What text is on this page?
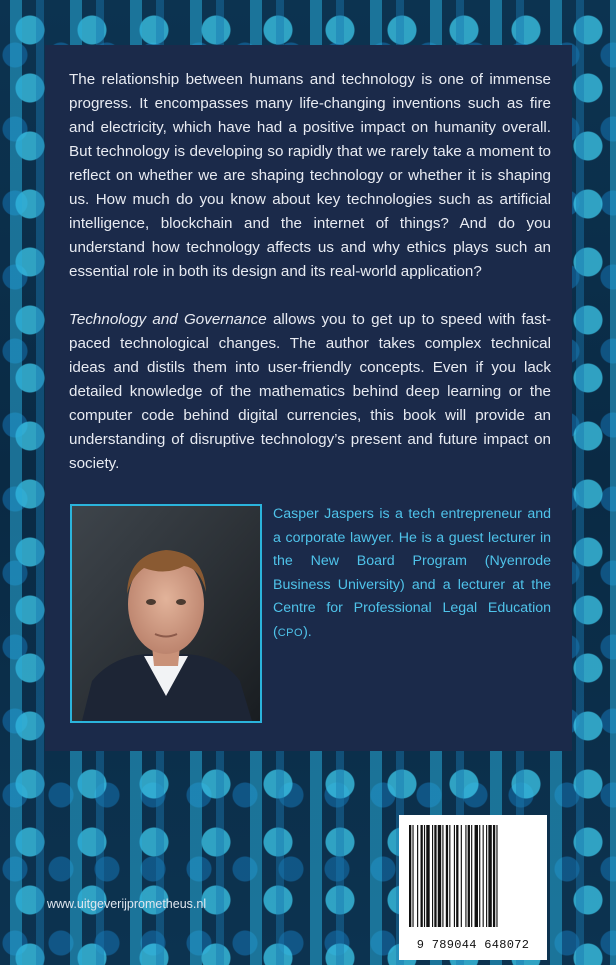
The relationship between humans and technology is one of immense progress. It encompasses many life-changing inventions such as fire and electricity, which have had a positive impact on humanity overall. But technology is developing so rapidly that we rarely take a moment to reflect on whether we are shaping technology or whether it is shaping us. How much do you know about key technologies such as artificial intelligence, blockchain and the internet of things? And do you understand how technology affects us and why ethics plays such an essential role in both its design and its real-world application?

Technology and Governance allows you to get up to speed with fast-paced technological changes. The author takes complex technical ideas and distils them into user-friendly concepts. Even if you lack detailed knowledge of the mathematics behind deep learning or the computer code behind digital currencies, this book will provide an understanding of disruptive technology’s present and future impact on society.

Casper Jaspers is a tech entrepreneur and a corporate lawyer. He is a guest lecturer in the New Board Program (Nyenrode Business University) and a lecturer at the Centre for Professional Legal Education (CPO).

www.uitgeverijprometheus.nl
9 789044 648072
